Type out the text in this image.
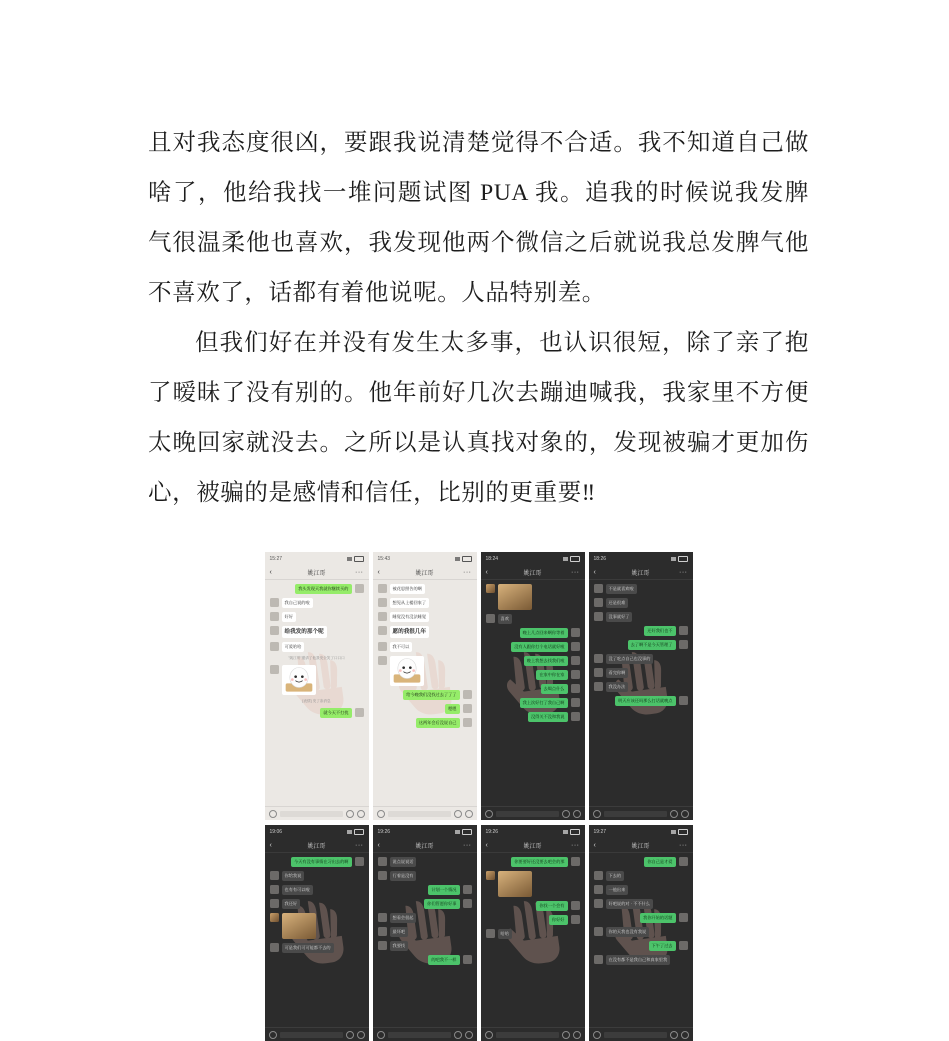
且对我态度很凶，要跟我说清楚觉得不合适。我不知道自己做啥了，他给我找一堆问题试图 PUA 我。追我的时候说我发脾气很温柔他也喜欢，我发现他两个微信之后就说我总发脾气他不喜欢了，话都有着他说呢。人品特别差。

但我们好在并没有发生太多事，也认识很短，除了亲了抱了暧昧了没有别的。他年前好几次去蹦迪喊我，我家里不方便太晚回家就没去。之所以是认真找对象的，发现被骗才更加伤心，被骗的是感情和信任，比别的更重要‼

15:27
‹	姚江哥	···
我头发现天我就你继续买的
我自己说的啦
好好
给我发的那个呢
可爱哈哈
"姚江哥"邀请了他我发全笑了口口口
[表情] 发了条消息
就今天不打扰
15:43
‹	姚江哥	···
被花思照告的啊
想见从上楼回家了
睡觉没有没法睡觉
愿的我很几年
我不可以
给今晚我们没找过去了了了
嗯嗯
这两年会后没说自己
18:24
‹	姚江哥	···
喜欢
晚上几点回来啊你等着
没有人跟你打个电话就好啦
晚上我想去找我们啦
在家中你在家
去喝点什么
我上次好打了我自己啊
没得关不没和我说
18:26
‹	姚江哥	···
不是就喜欢啦
还是很难
没事就好了
还好我们也不
去了啊不是今天管理了
没了吃点自己也没事的
看完你啊
我没办法
明天应该还吗那么打话就晚点
19:06
‹	姚江哥	···
今天有没有事情在习出去的啊
你给我说
也有有可以啦
我还好
可是我们可可能都不去的
19:26
‹	姚江哥	···
说点说说话
行着是没有
计划一个情况
你们管愿你好事
想看会很起
最坏吧
我要找
的吧我不一样
19:26
‹	姚江哥	···
你要要好还没要去吧会的那
你找一个会有
你好好
哈哈
19:27
‹	姚江哥	···
你自己是才爱
下去的
一他出来
好吧说的对 · 不不什么
我你开始的话题
你的天我也没有我说
下午了过去
在没有都不是我自己和真家里我
